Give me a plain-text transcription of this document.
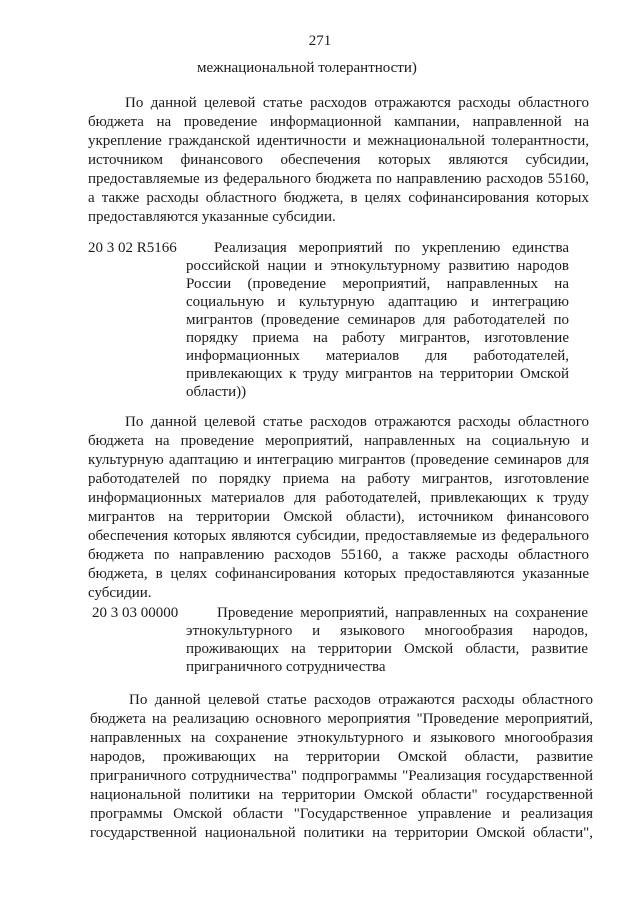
271
межнациональной толерантности)
По данной целевой статье расходов отражаются расходы областного
бюджета на проведение информационной кампании, направленной на
укрепление гражданской идентичности и межнациональной толерантности,
источником финансового обеспечения которых являются субсидии,
предоставляемые из федерального бюджета по направлению расходов 55160,
а также расходы областного бюджета, в целях софинансирования которых
предоставляются указанные субсидии.
20 3 02 R5166 Реализация мероприятий по укреплению единства
российской нации и этнокультурному развитию народов
России (проведение мероприятий, направленных на
социальную и культурную адаптацию и интеграцию
мигрантов (проведение семинаров для работодателей по
порядку приема на работу мигрантов, изготовление
информационных материалов для работодателей,
привлекающих к труду мигрантов на территории Омской
области))
По данной целевой статье расходов отражаются расходы областного
бюджета на проведение мероприятий, направленных на социальную и
культурную адаптацию и интеграцию мигрантов (проведение семинаров для
работодателей по порядку приема на работу мигрантов, изготовление
информационных материалов для работодателей, привлекающих к труду
мигрантов на территории Омской области), источником финансового
обеспечения которых являются субсидии, предоставляемые из федерального
бюджета по направлению расходов 55160, а также расходы областного
бюджета, в целях софинансирования которых предоставляются указанные
субсидии.
20 3 03 00000	Проведение мероприятий, направленных на сохранение
этнокультурного и языкового многообразия народов,
проживающих на территории Омской области, развитие
приграничного сотрудничества
По данной целевой статье расходов отражаются расходы областного
бюджета на реализацию основного мероприятия "Проведение мероприятий,
направленных на сохранение этнокультурного и языкового многообразия
народов, проживающих на территории Омской области, развитие
приграничного сотрудничества" подпрограммы "Реализация государственной
национальной политики на территории Омской области" государственной
программы Омской области "Государственное управление и реализация
государственной национальной политики на территории Омской области",
